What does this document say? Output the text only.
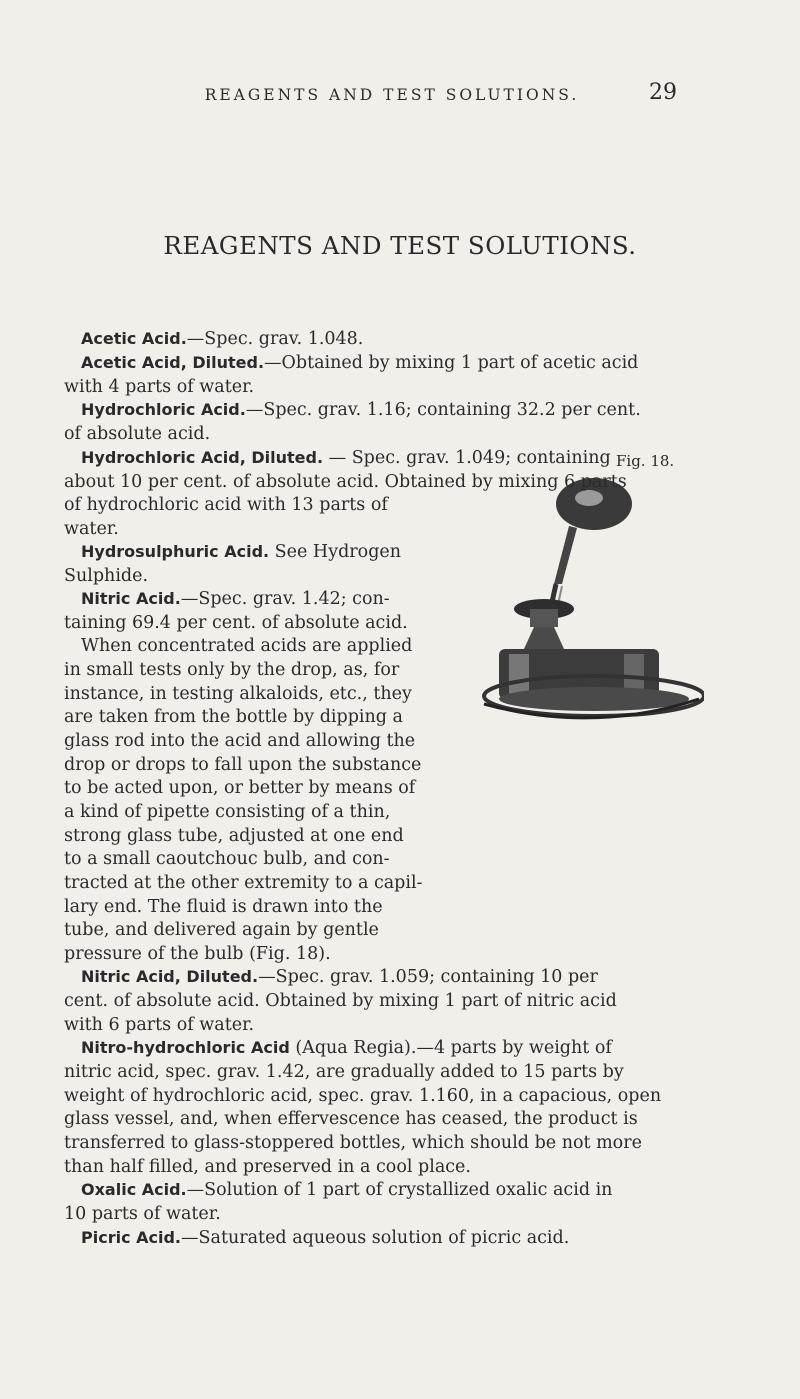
REAGENTS AND TEST SOLUTIONS.	29
REAGENTS AND TEST SOLUTIONS.
Fig. 18.
Acetic Acid.—Spec. grav. 1.048.
Acetic Acid, Diluted.—Obtained by mixing 1 part of acetic acid
with 4 parts of water.
Hydrochloric Acid.—Spec. grav. 1.16; containing 32.2 per cent.
of absolute acid.
Hydrochloric Acid, Diluted. — Spec. grav. 1.049; containing
about 10 per cent. of absolute acid. Obtained by mixing 6 parts
of hydrochloric acid with 13 parts of
water.
Hydrosulphuric Acid. See Hydrogen
Sulphide.
Nitric Acid.—Spec. grav. 1.42; con-
taining 69.4 per cent. of absolute acid.
When concentrated acids are applied
in small tests only by the drop, as, for
instance, in testing alkaloids, etc., they
are taken from the bottle by dipping a
glass rod into the acid and allowing the
drop or drops to fall upon the substance
to be acted upon, or better by means of
a kind of pipette consisting of a thin,
strong glass tube, adjusted at one end
to a small caoutchouc bulb, and con-
tracted at the other extremity to a capil-
lary end. The fluid is drawn into the
tube, and delivered again by gentle
pressure of the bulb (Fig. 18).
Nitric Acid, Diluted.—Spec. grav. 1.059; containing 10 per
cent. of absolute acid. Obtained by mixing 1 part of nitric acid
with 6 parts of water.
Nitro-hydrochloric Acid (Aqua Regia).—4 parts by weight of
nitric acid, spec. grav. 1.42, are gradually added to 15 parts by
weight of hydrochloric acid, spec. grav. 1.160, in a capacious, open
glass vessel, and, when effervescence has ceased, the product is
transferred to glass-stoppered bottles, which should be not more
than half filled, and preserved in a cool place.
Oxalic Acid.—Solution of 1 part of crystallized oxalic acid in
10 parts of water.
Picric Acid.—Saturated aqueous solution of picric acid.
